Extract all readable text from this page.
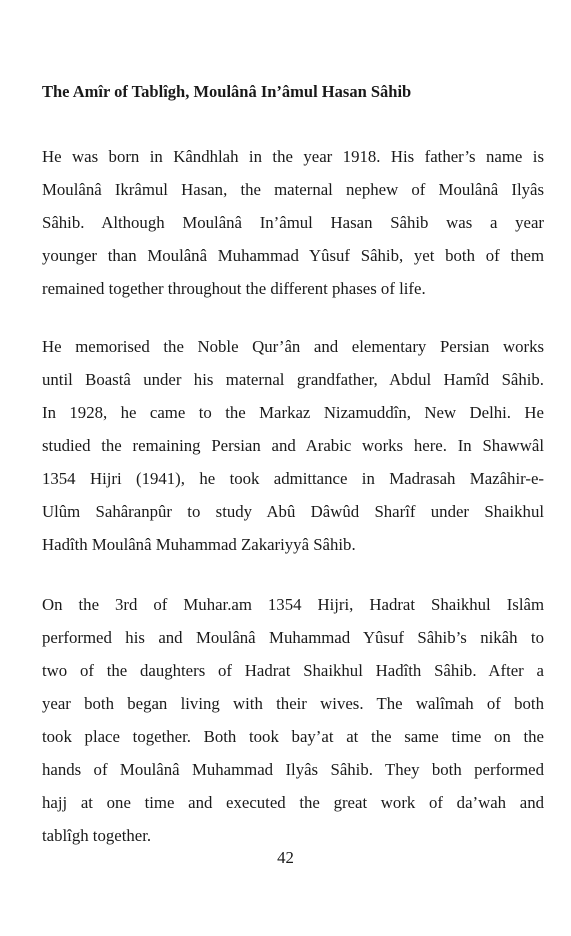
The Amîr of Tablîgh, Moulânâ In’âmul Hasan Sâhib
He was born in Kândhlah in the year 1918. His father’s name is
Moulânâ Ikrâmul Hasan, the maternal nephew of Moulânâ Ilyâs
Sâhib. Although Moulânâ In’âmul Hasan Sâhib was a year
younger than Moulânâ Muhammad Yûsuf Sâhib, yet both of them
remained together throughout the different phases of life.
He memorised the Noble Qur’ân and elementary Persian works
until Boastâ under his maternal grandfather, Abdul Hamîd Sâhib.
In 1928, he came to the Markaz Nizamuddîn, New Delhi. He
studied the remaining Persian and Arabic works here. In Shawwâl
1354 Hijri (1941), he took admittance in Madrasah Mazâhir-e-
Ulûm Sahâranpûr to study Abû Dâwûd Sharîf under Shaikhul
Hadîth Moulânâ Muhammad Zakariyyâ Sâhib.
On the 3rd of Muhar.am 1354 Hijri, Hadrat Shaikhul Islâm
performed his and Moulânâ Muhammad Yûsuf Sâhib’s nikâh to
two of the daughters of Hadrat Shaikhul Hadîth Sâhib. After a
year both began living with their wives. The walîmah of both
took place together. Both took bay’at at the same time on the
hands of Moulânâ Muhammad Ilyâs Sâhib. They both performed
hajj at one time and executed the great work of da’wah and
tablîgh together.
42
